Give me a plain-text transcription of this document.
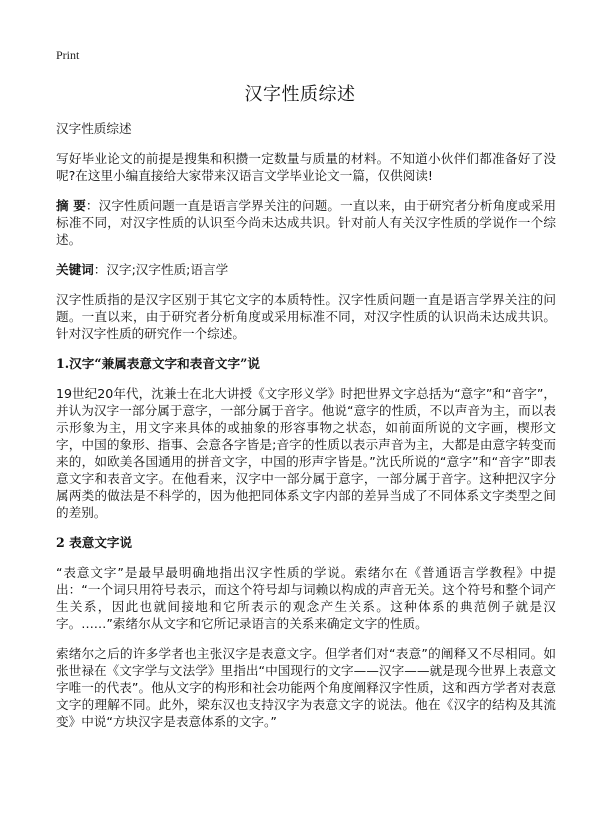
Print
汉字性质综述

汉字性质综述

写好毕业论文的前提是搜集和积攒一定数量与质量的材料。不知道小伙伴们都准备好了没呢?在这里小编直接给大家带来汉语言文学毕业论文一篇，仅供阅读!

摘 要：汉字性质问题一直是语言学界关注的问题。一直以来，由于研究者分析角度或采用标准不同，对汉字性质的认识至今尚未达成共识。针对前人有关汉字性质的学说作一个综述。

关键词：汉字;汉字性质;语言学

汉字性质指的是汉字区别于其它文字的本质特性。汉字性质问题一直是语言学界关注的问题。一直以来，由于研究者分析角度或采用标准不同，对汉字性质的认识尚未达成共识。针对汉字性质的研究作一个综述。

1.汉字“兼属表意文字和表音文字”说

19世纪20年代，沈兼士在北大讲授《文字形义学》时把世界文字总括为“意字”和“音字”，并认为汉字一部分属于意字，一部分属于音字。他说“意字的性质，不以声音为主，而以表示形象为主，用文字来具体的或抽象的形容事物之状态，如前面所说的文字画，楔形文字，中国的象形、指事、会意各字皆是;音字的性质以表示声音为主，大都是由意字转变而来的，如欧美各国通用的拼音文字，中国的形声字皆是。”沈氏所说的“意字”和“音字”即表意文字和表音文字。在他看来，汉字中一部分属于意字，一部分属于音字。这种把汉字分属两类的做法是不科学的，因为他把同体系文字内部的差异当成了不同体系文字类型之间的差别。

2 表意文字说

“表意文字”是最早最明确地指出汉字性质的学说。索绪尔在《普通语言学教程》中提出：“一个词只用符号表示，而这个符号却与词赖以构成的声音无关。这个符号和整个词产生关系，因此也就间接地和它所表示的观念产生关系。这种体系的典范例子就是汉字。……”索绪尔从文字和它所记录语言的关系来确定文字的性质。

索绪尔之后的许多学者也主张汉字是表意文字。但学者们对“表意”的阐释又不尽相同。如张世禄在《文字学与文法学》里指出“中国现行的文字——汉字——就是现今世界上表意文字唯一的代表”。他从文字的构形和社会功能两个角度阐释汉字性质，这和西方学者对表意文字的理解不同。此外，梁东汉也支持汉字为表意文字的说法。他在《汉字的结构及其流变》中说“方块汉字是表意体系的文字。”
